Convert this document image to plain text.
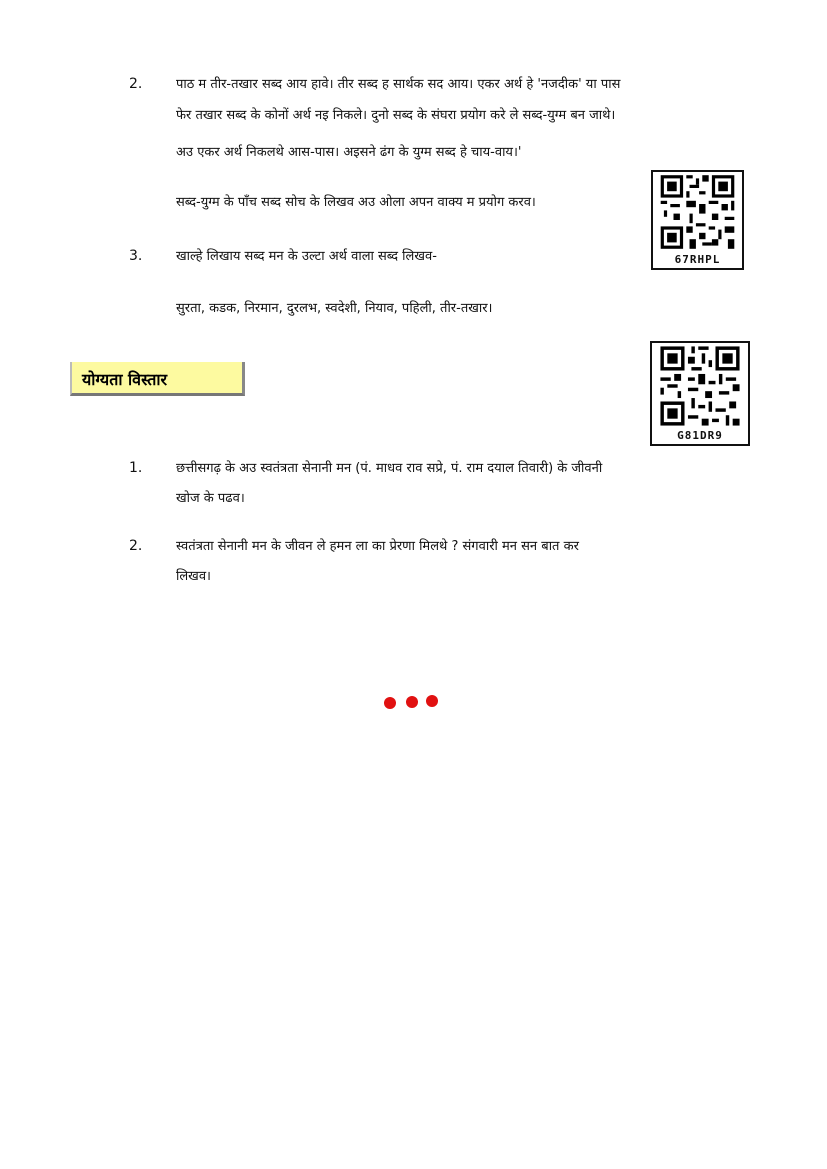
2.	पाठ म तीर-तखार सब्द आय हावे। तीर सब्द ह सार्थक सद आय। एकर अर्थ हे 'नजदीक' या पास
फेर तखार सब्द के कोनों अर्थ नइ निकले। दुनो सब्द के संघरा प्रयोग करे ले सब्द-युग्म बन जाथे।
अउ एकर अर्थ निकलथे आस-पास। अइसने ढंग के युग्म सब्द हे चाय-वाय।'
सब्द-युग्म के पाँच सब्द सोच के लिखव अउ ओला अपन वाक्य म प्रयोग करव।
3.	खाल्हे लिखाय सब्द मन के उल्टा अर्थ वाला सब्द लिखव-
सुरता, कडक, निरमान, दुरलभ, स्वदेशी, नियाव, पहिली, तीर-तखार।
67RHPL
योग्यता विस्तार
G81DR9
1.	छत्तीसगढ़ के अउ स्वतंत्रता सेनानी मन (पं. माधव राव सप्रे, पं. राम दयाल तिवारी) के जीवनी
खोज के पढव।
2.	स्वतंत्रता सेनानी मन के जीवन ले हमन ला का प्रेरणा मिलथे ? संगवारी मन सन बात कर
लिखव।
